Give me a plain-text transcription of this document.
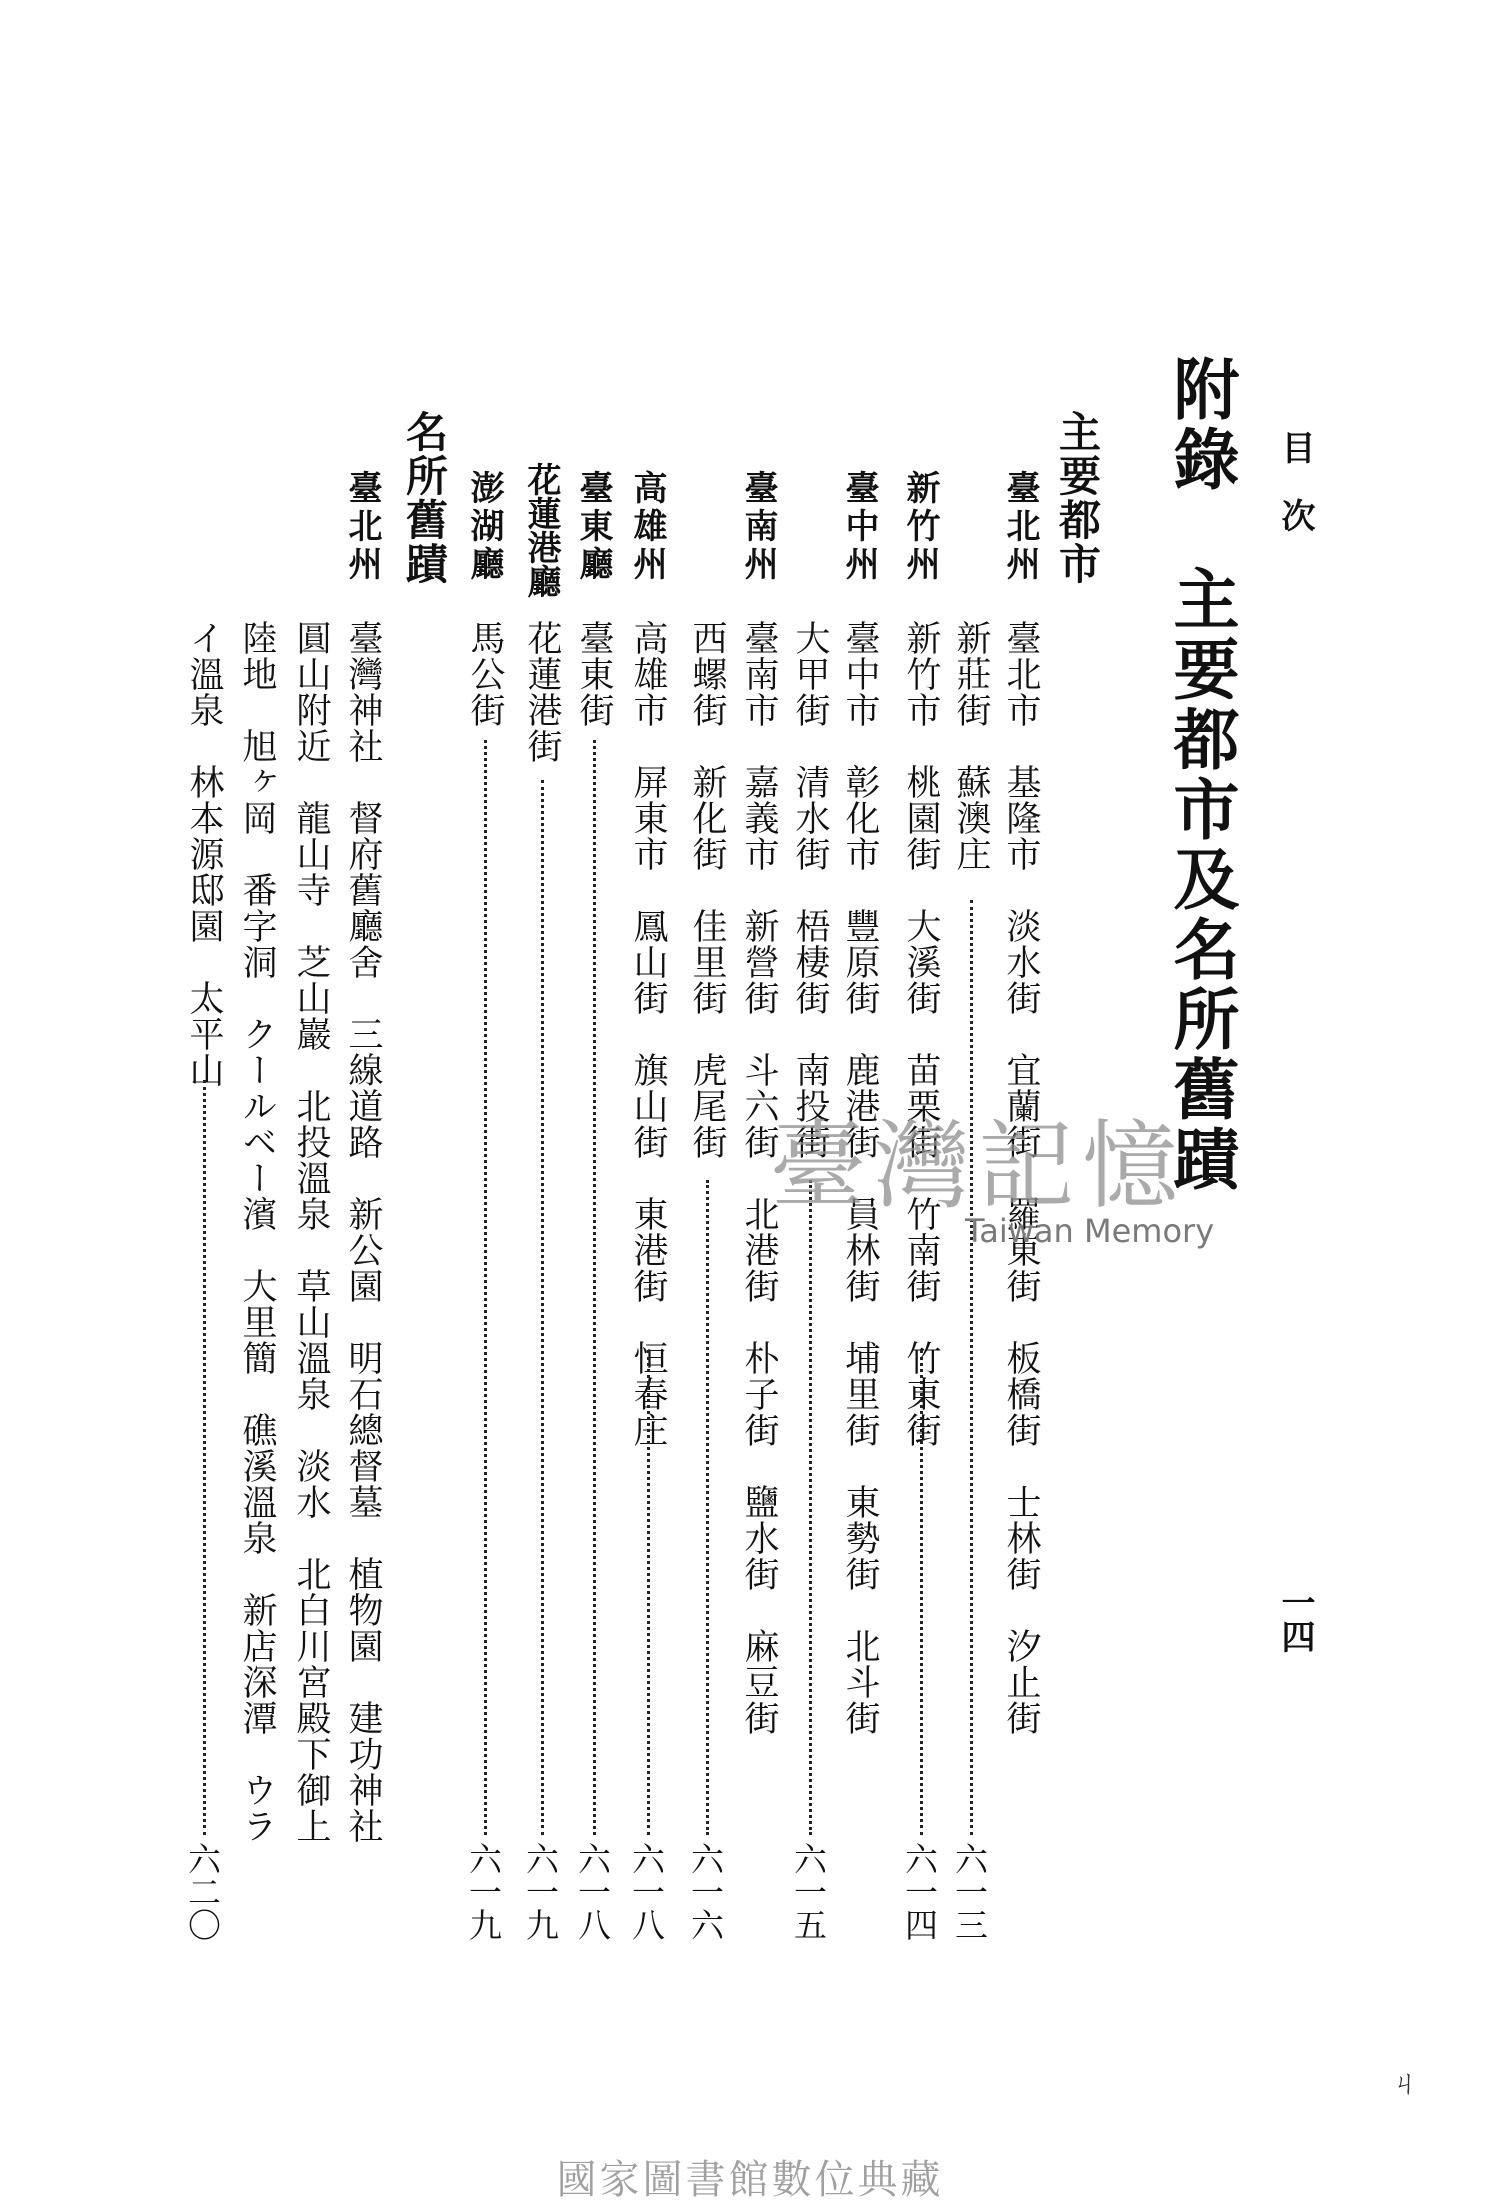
目次
一四
附錄　主要都市及名所舊蹟
主要都市
臺北州
新竹州
臺中州
臺南州
高雄州
臺東廳
花蓮港廳
澎湖廳
臺北市　基隆市　淡水街　宜蘭街　羅東街　板橋街　士林街　汐止街
新莊街　蘇澳庄
六一三
新竹市　桃園街　大溪街　苗栗街　竹南街　竹東街
六一四
臺中市　彰化市　豐原街　鹿港街　員林街　埔里街　東勢街　北斗街
大甲街　清水街　梧棲街　南投街
六一五
臺南市　嘉義市　新營街　斗六街　北港街　朴子街　鹽水街　麻豆街
西螺街　新化街　佳里街　虎尾街
六一六
高雄市　屏東市　鳳山街　旗山街　東港街　恒春庄
六一八
臺東街
六一八
花蓮港街
六一九
馬公街
六一九
名所舊蹟
臺北州
臺灣神社　督府舊廳舍　三線道路　新公園　明石總督墓　植物園　建功神社
圓山附近　龍山寺　芝山巖　北投溫泉　草山溫泉　淡水　北白川宮殿下御上
陸地　旭ヶ岡　番字洞　クールベー濱　大里簡　礁溪溫泉　新店深潭　ウラ
イ溫泉　林本源邸園　太平山
六二〇
臺灣記憶
Taiwan Memory
國家圖書館數位典藏
ㄐ
